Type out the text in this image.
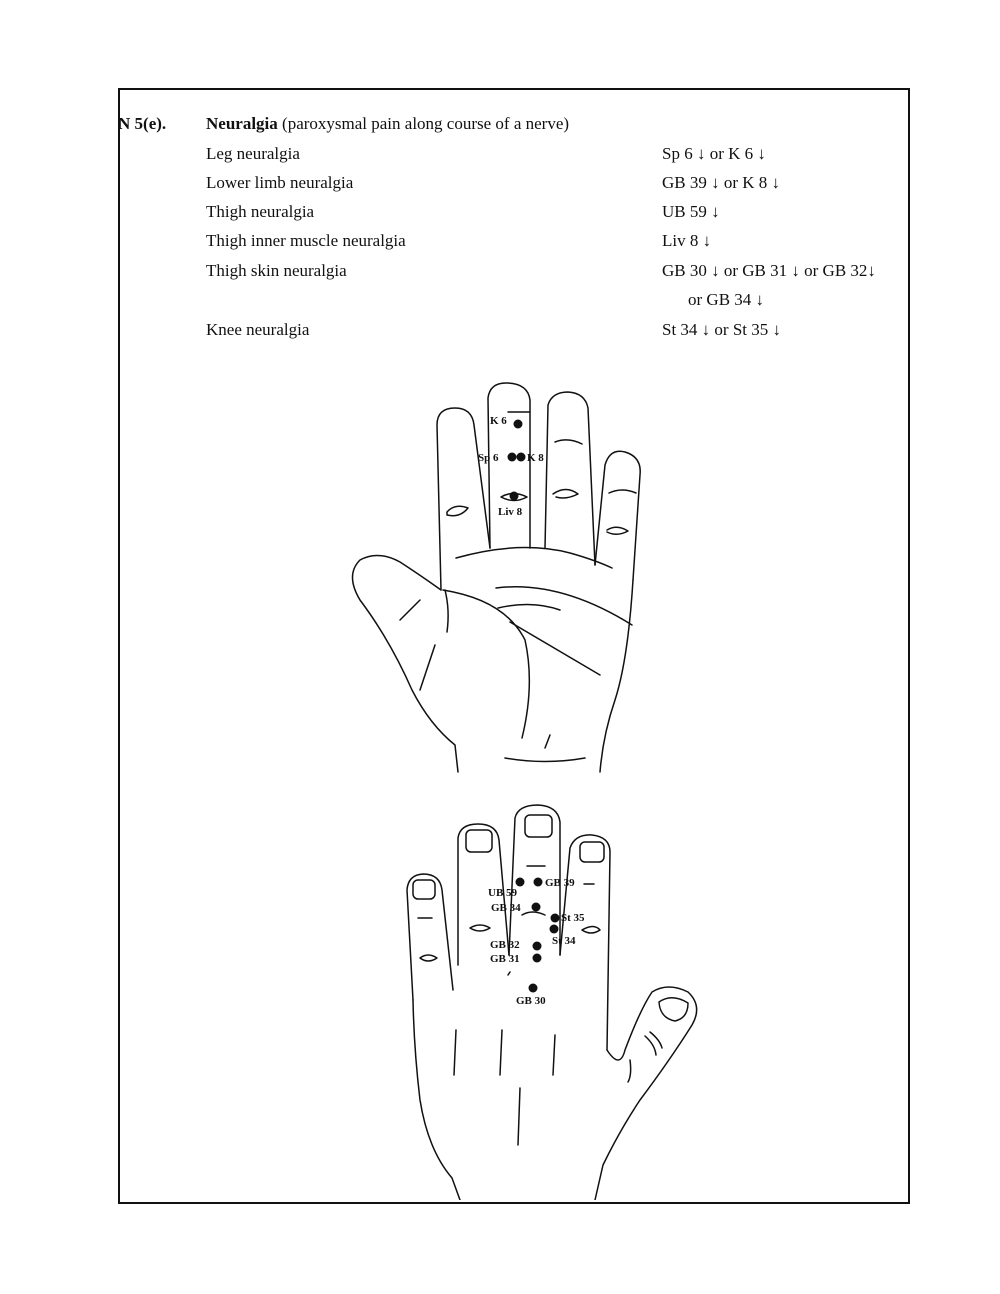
N 5(e). Neuralgia (paroxysmal pain along course of a nerve)
Leg neuralgia	Sp 6 ↓ or K 6 ↓
Lower limb neuralgia	GB 39 ↓ or K 8 ↓
Thigh neuralgia	UB 59 ↓
Thigh inner muscle neuralgia	Liv 8 ↓
Thigh skin neuralgia	GB 30 ↓ or GB 31 ↓ or GB 32↓
or GB 34 ↓
Knee neuralgia	St 34 ↓ or St 35 ↓
K 6
Sp 6	K 8
Liv 8
UB 59
GB 39
GB 34
St 35
St 34
GB 32
GB 31
GB 30
